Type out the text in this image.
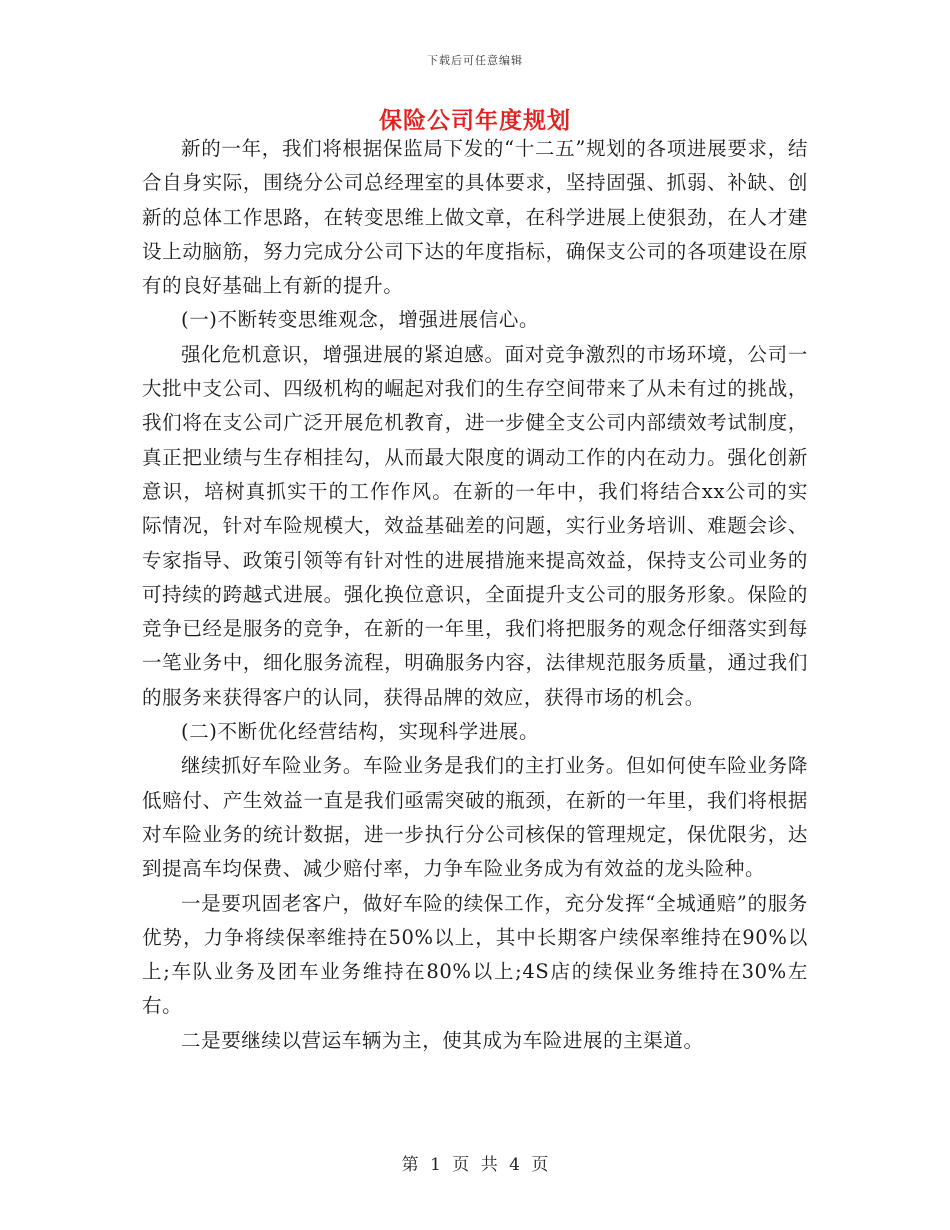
下载后可任意编辑
保险公司年度规划

新的一年，我们将根据保监局下发的“十二五”规划的各项进展要求，结合自身实际，围绕分公司总经理室的具体要求，坚持固强、抓弱、补缺、创新的总体工作思路，在转变思维上做文章，在科学进展上使狠劲，在人才建设上动脑筋，努力完成分公司下达的年度指标，确保支公司的各项建设在原有的良好基础上有新的提升。

(一)不断转变思维观念，增强进展信心。

强化危机意识，增强进展的紧迫感。面对竞争激烈的市场环境，公司一大批中支公司、四级机构的崛起对我们的生存空间带来了从未有过的挑战，我们将在支公司广泛开展危机教育，进一步健全支公司内部绩效考试制度，真正把业绩与生存相挂勾，从而最大限度的调动工作的内在动力。强化创新意识，培树真抓实干的工作作风。在新的一年中，我们将结合xx公司的实际情况，针对车险规模大，效益基础差的问题，实行业务培训、难题会诊、专家指导、政策引领等有针对性的进展措施来提高效益，保持支公司业务的可持续的跨越式进展。强化换位意识，全面提升支公司的服务形象。保险的竞争已经是服务的竞争，在新的一年里，我们将把服务的观念仔细落实到每一笔业务中，细化服务流程，明确服务内容，法律规范服务质量，通过我们的服务来获得客户的认同，获得品牌的效应，获得市场的机会。

(二)不断优化经营结构，实现科学进展。

继续抓好车险业务。车险业务是我们的主打业务。但如何使车险业务降低赔付、产生效益一直是我们亟需突破的瓶颈，在新的一年里，我们将根据对车险业务的统计数据，进一步执行分公司核保的管理规定，保优限劣，达到提高车均保费、减少赔付率，力争车险业务成为有效益的龙头险种。

一是要巩固老客户，做好车险的续保工作，充分发挥“全城通赔”的服务优势，力争将续保率维持在50%以上，其中长期客户续保率维持在90%以上;车队业务及团车业务维持在80%以上;4S店的续保业务维持在30%左右。

二是要继续以营运车辆为主，使其成为车险进展的主渠道。

第 1 页 共 4 页
